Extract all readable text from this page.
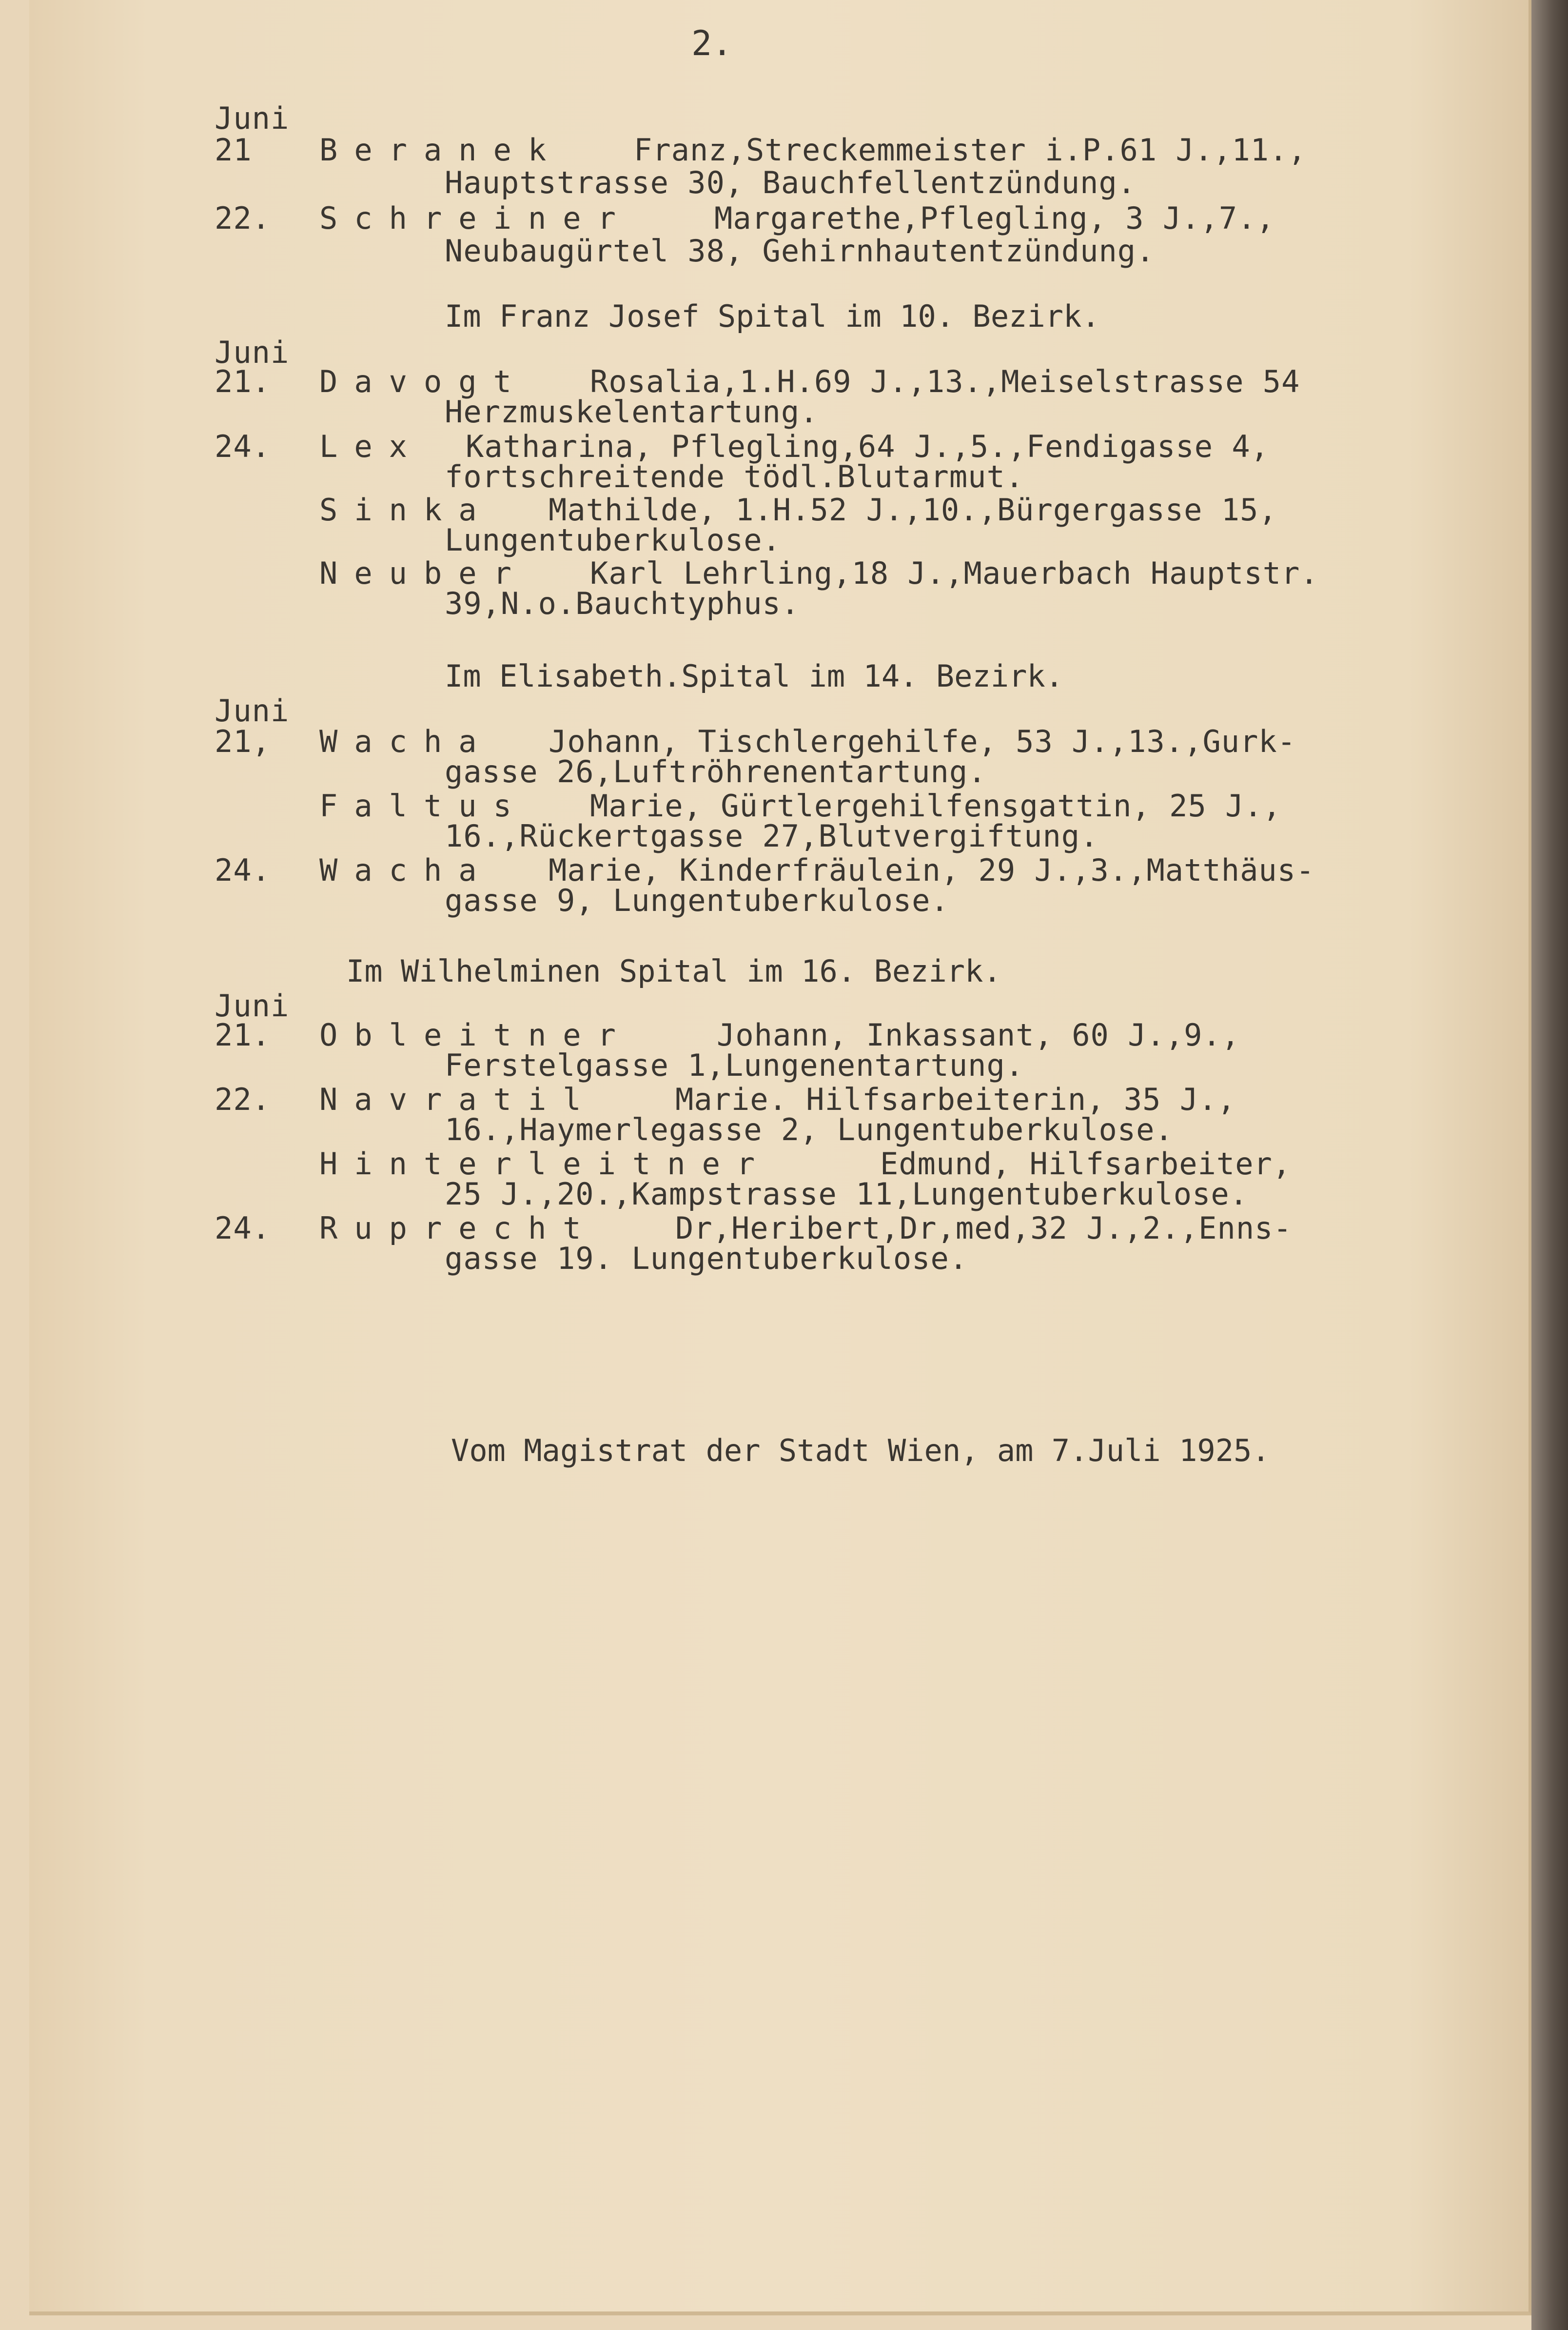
2.
Juni
21 Beranek Franz,Streckemmeister i.P.61 J.,11.,
Hauptstrasse 30, Bauchfellentzündung.
22. Schreiner	Margarethe,Pflegling, 3 J.,7.,
Neubaugürtel 38, Gehirnhautentzündung.
Im Franz Josef Spital im 10. Bezirk.
Juni
21. Davogt Rosalia,1.H.69 J.,13.,Meiselstrasse 54
Herzmuskelentartung.
24. Lex Katharina, Pflegling,64 J.,5.,Fendigasse 4,
fortschreitende tödl.Blutarmut.
Sinka Mathilde, 1.H.52 J.,10.,Bürgergasse 15,
Lungentuberkulose.
Neuber Karl Lehrling,18 J.,Mauerbach Hauptstr.
39,N.o.Bauchtyphus.
Im Elisabeth.Spital im 14. Bezirk.
Juni
21, Wacha Johann, Tischlergehilfe, 53 J.,13.,Gurk-
gasse 26,Luftröhrenentartung.
Faltus Marie, Gürtlergehilfensgattin, 25 J.,
16.,Rückertgasse 27,Blutvergiftung.
24. Wacha Marie, Kinderfräulein, 29 J.,3.,Matthäus-
gasse 9, Lungentuberkulose.
Im Wilhelminen Spital im 16. Bezirk.
Juni
21. Obleitner	Johann, Inkassant, 60 J.,9.,
Ferstelgasse 1,Lungenentartung.
22. Navratil	Marie. Hilfsarbeiterin, 35 J.,
16.,Haymerlegasse 2, Lungentuberkulose.
Hinterleitner	Edmund, Hilfsarbeiter,
25 J.,20.,Kampstrasse 11,Lungentuberkulose.
24. Ruprecht	Dr,Heribert,Dr,med,32 J.,2.,Enns-
gasse 19. Lungentuberkulose.
Vom Magistrat der Stadt Wien, am 7.Juli 1925.
